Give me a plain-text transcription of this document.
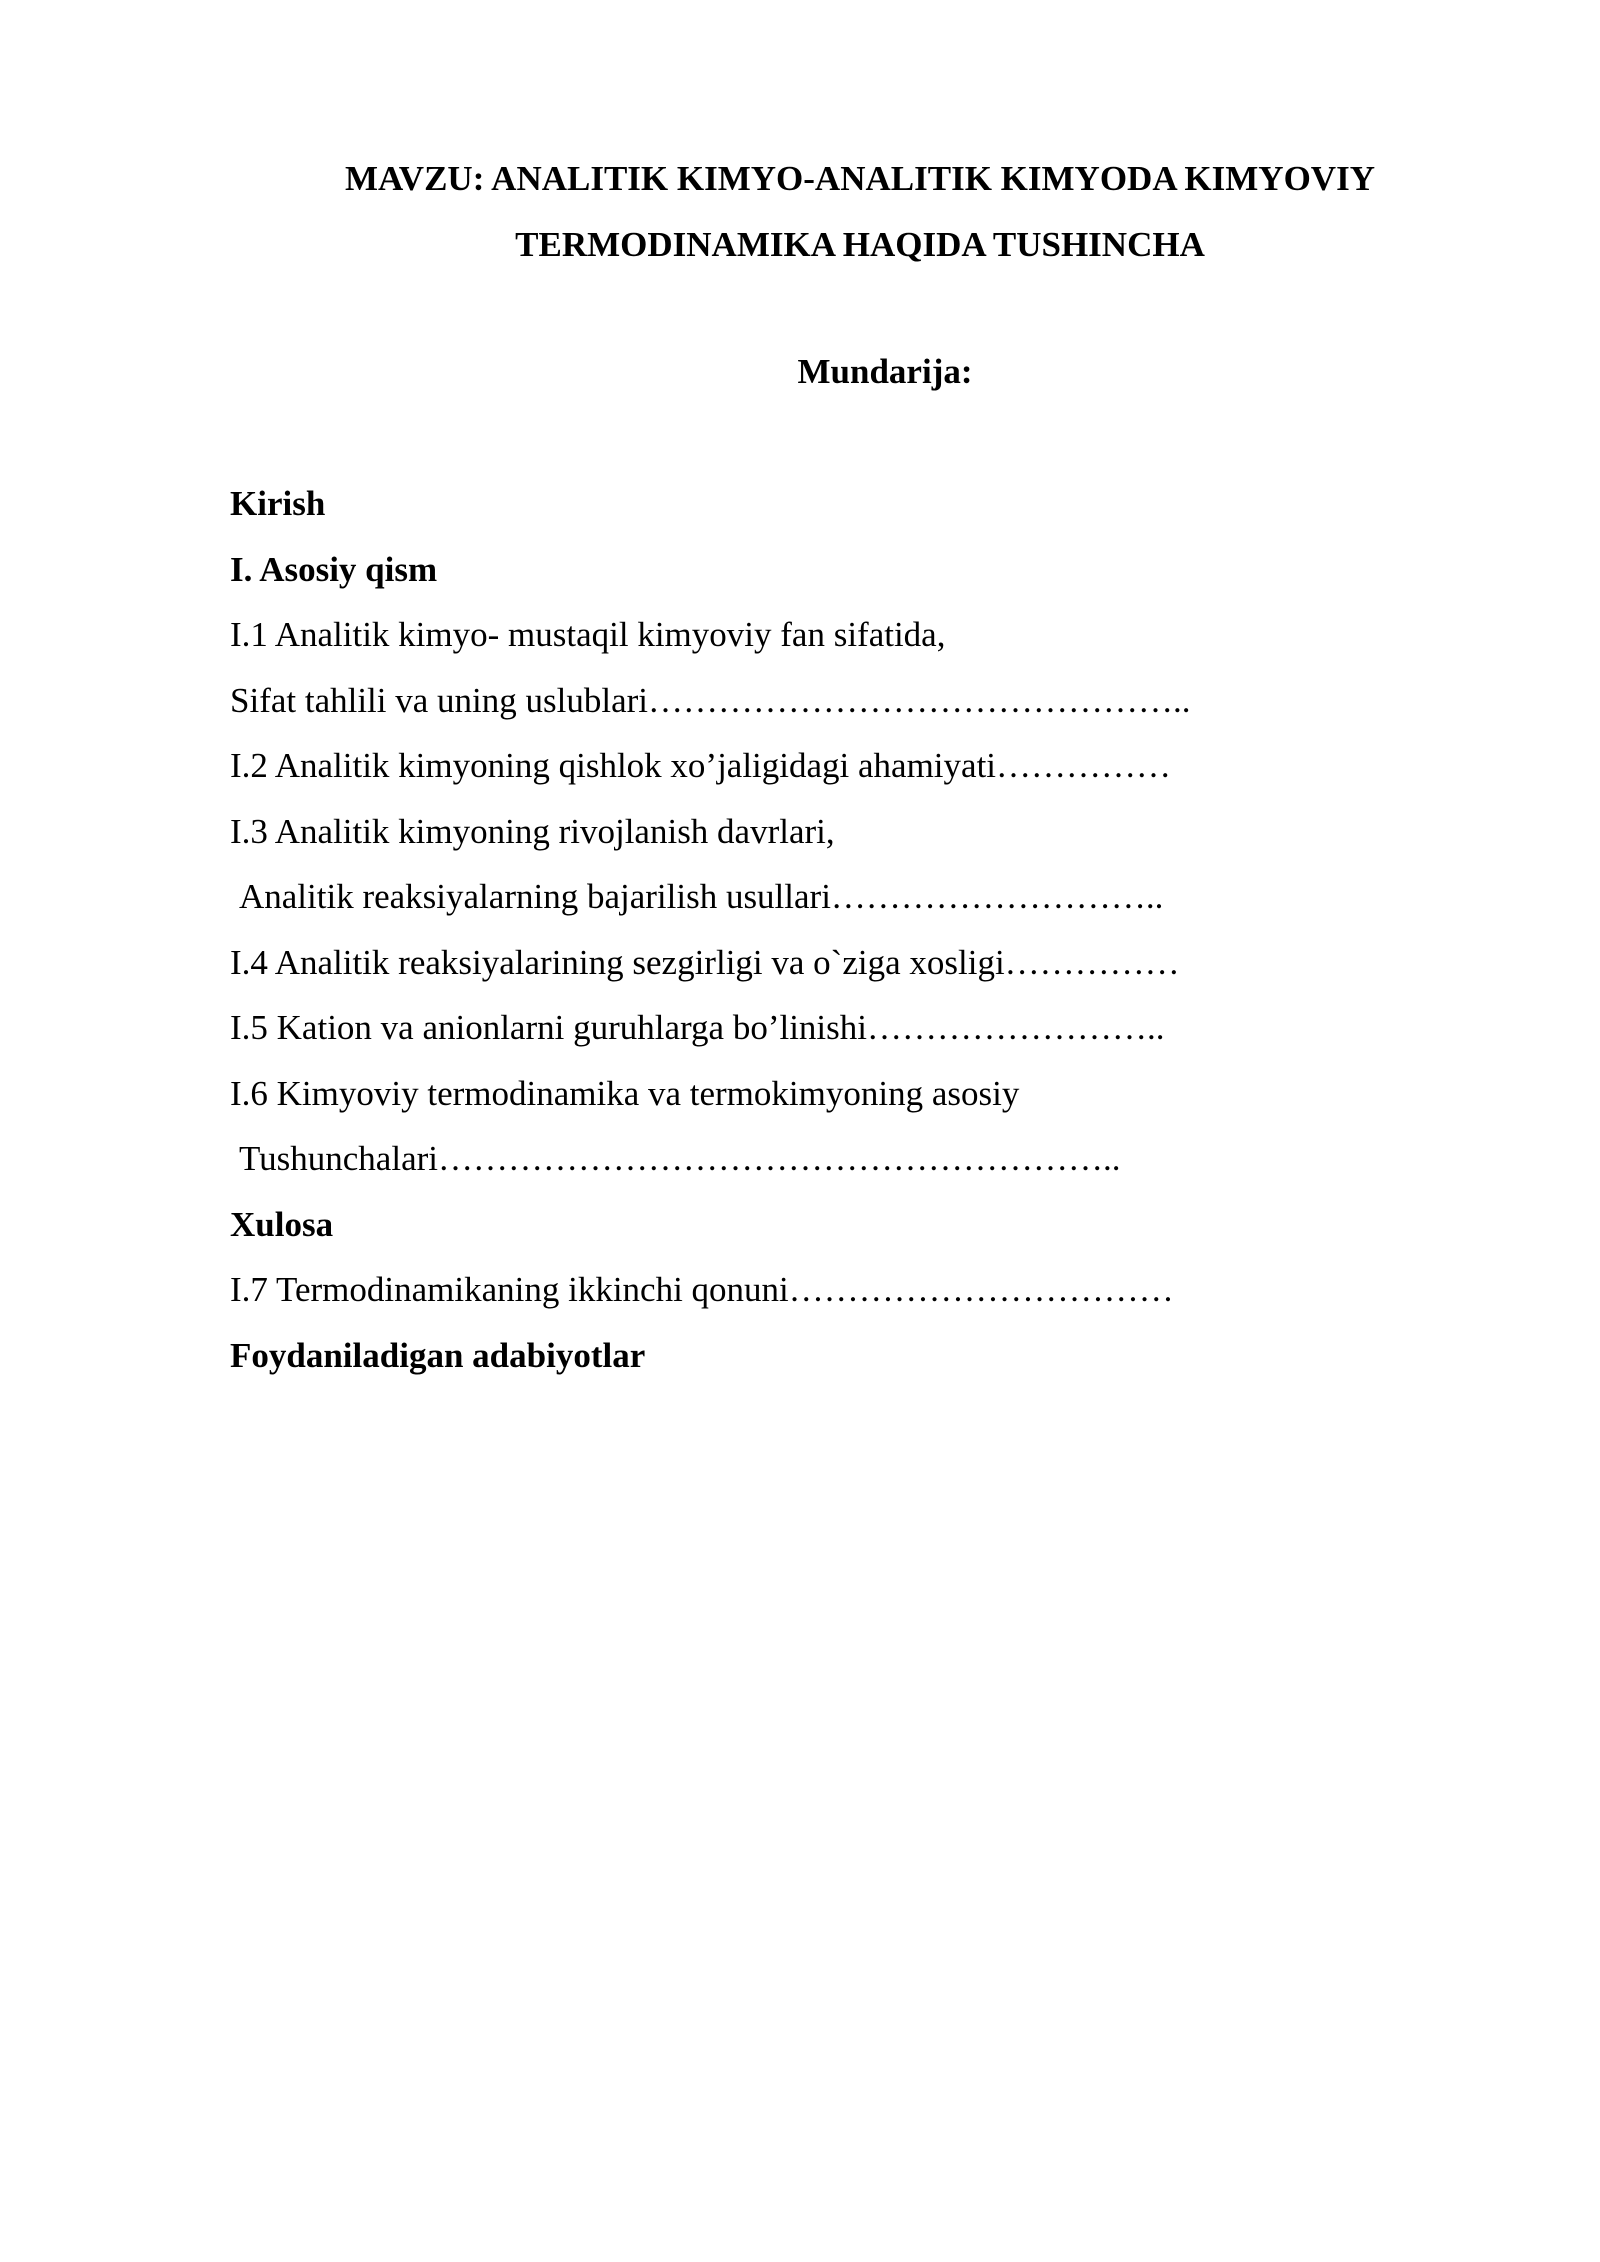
MAVZU: ANALITIK KIMYO-ANALITIK KIMYODA KIMYOVIY
TERMODINAMIKA HAQIDA TUSHINCHA
Mundarija:
Kirish
I. Asosiy qism
I.1 Analitik kimyo- mustaqil kimyoviy fan sifatida,
Sifat tahlili va uning uslublari………………………………………..
I.2 Analitik kimyoning qishlok xo’jaligidagi ahamiyati……………
I.3 Analitik kimyoning rivojlanish davrlari,
Analitik reaksiyalarning bajarilish usullari………………………..
I.4 Analitik reaksiyalarining sezgirligi va o`ziga xosligi……………
I.5 Kation va anionlarni guruhlarga bo’linishi……………………..
I.6 Kimyoviy termodinamika va termokimyoning asosiy
Tushunchalari…………………………………………………..
Xulosa
I.7 Termodinamikaning ikkinchi qonuni……………………………
Foydaniladigan adabiyotlar
